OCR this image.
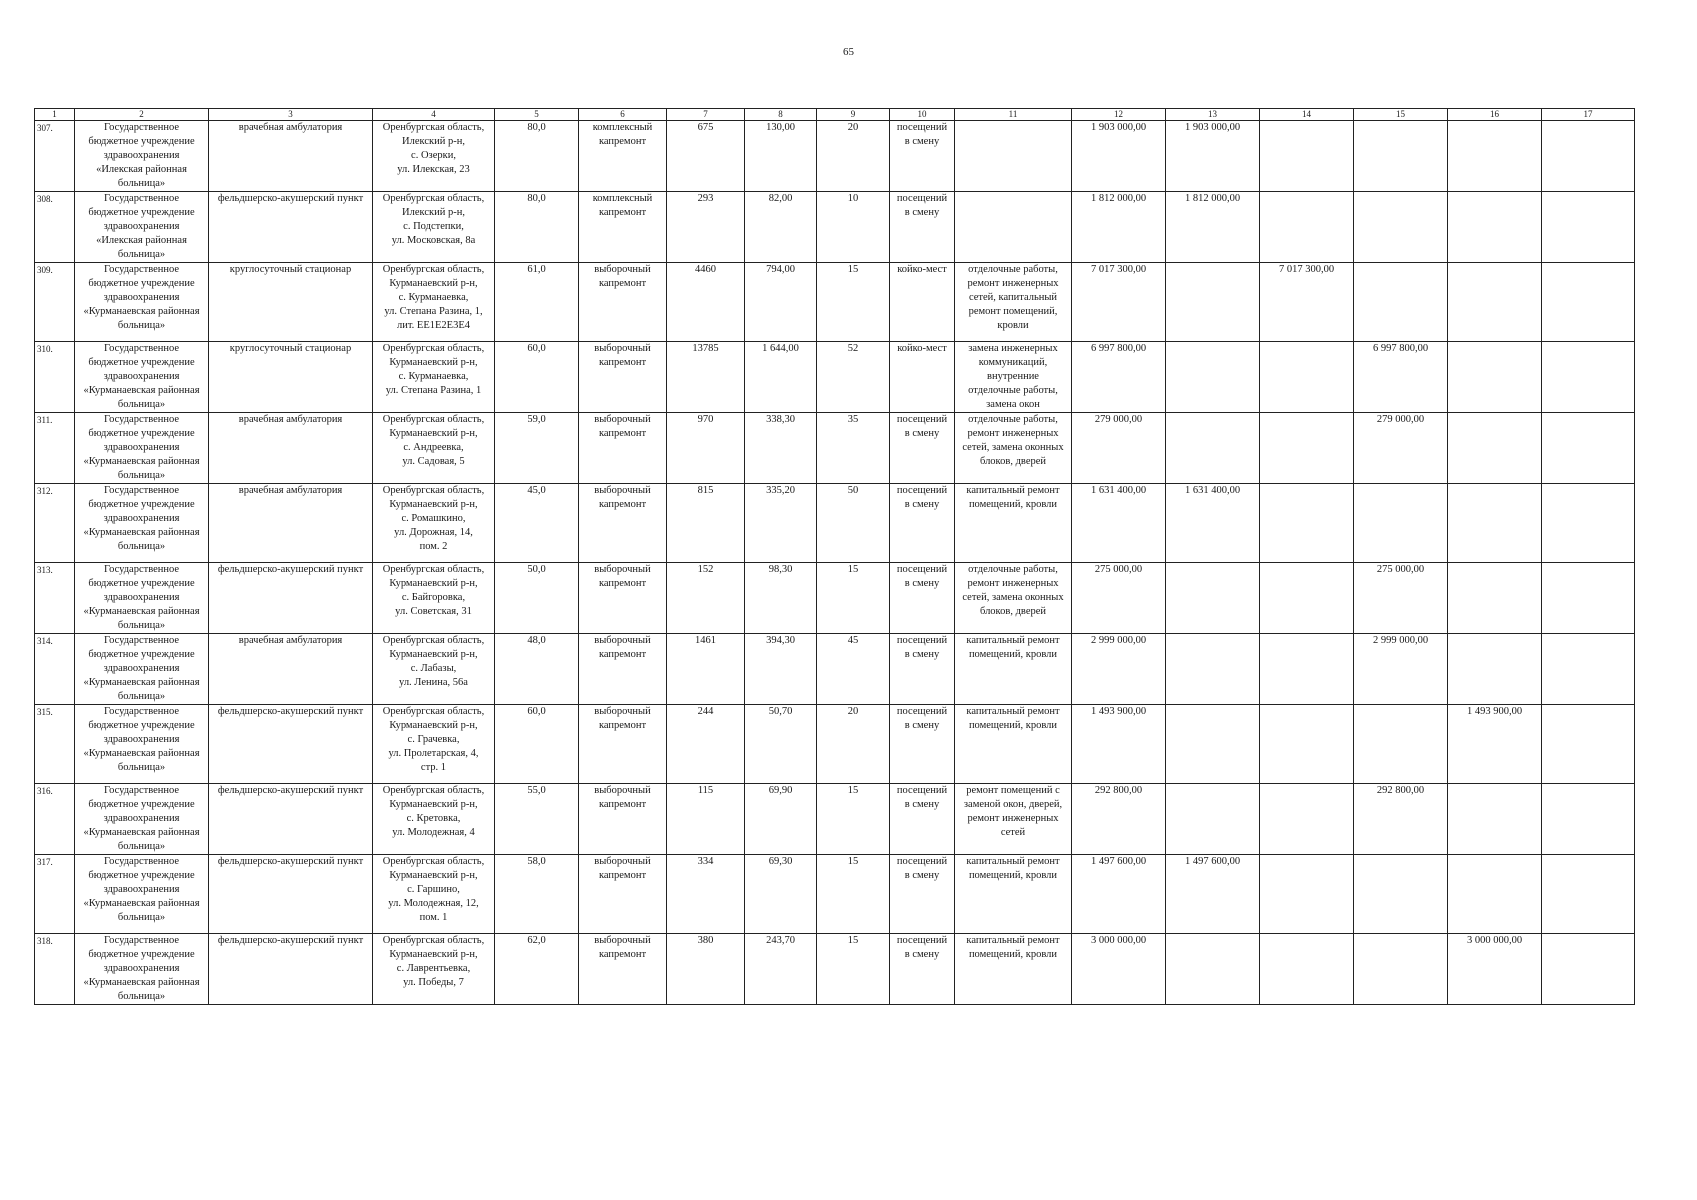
65
1	2	3	4	5	6	7	8	9	10	11	12	13	14	15	16	17
307.	Государственное
бюджетное учреждение
здравоохранения
«Илекская районная
больница»	врачебная амбулатория	Оренбургская область,
Илекский р-н,
с. Озерки,
ул. Илекская, 23	80,0	комплексный
капремонт	675	130,00	20	посещений
в смену		1 903 000,00	1 903 000,00				
308.	Государственное
бюджетное учреждение
здравоохранения
«Илекская районная
больница»	фельдшерско-акушерский пункт	Оренбургская область,
Илекский р-н,
с. Подстепки,
ул. Московская, 8а	80,0	комплексный
капремонт	293	82,00	10	посещений
в смену		1 812 000,00	1 812 000,00				
309.	Государственное
бюджетное учреждение
здравоохранения
«Курманаевская районная
больница»	круглосуточный стационар	Оренбургская область,
Курманаевский р-н,
с. Курманаевка,
ул. Степана Разина, 1,
лит. ЕЕ1Е2Е3Е4	61,0	выборочный
капремонт	4460	794,00	15	койко-мест	отделочные работы,
ремонт инженерных
сетей, капитальный
ремонт помещений,
кровли	7 017 300,00		7 017 300,00			
310.	Государственное
бюджетное учреждение
здравоохранения
«Курманаевская районная
больница»	круглосуточный стационар	Оренбургская область,
Курманаевский р-н,
с. Курманаевка,
ул. Степана Разина, 1	60,0	выборочный
капремонт	13785	1 644,00	52	койко-мест	замена инженерных
коммуникаций,
внутренние
отделочные работы,
замена окон	6 997 800,00			6 997 800,00		
311.	Государственное
бюджетное учреждение
здравоохранения
«Курманаевская районная
больница»	врачебная амбулатория	Оренбургская область,
Курманаевский р-н,
с. Андреевка,
ул. Садовая, 5	59,0	выборочный
капремонт	970	338,30	35	посещений
в смену	отделочные работы,
ремонт инженерных
сетей, замена оконных
блоков, дверей	279 000,00			279 000,00		
312.	Государственное
бюджетное учреждение
здравоохранения
«Курманаевская районная
больница»	врачебная амбулатория	Оренбургская область,
Курманаевский р-н,
с. Ромашкино,
ул. Дорожная, 14,
пом. 2	45,0	выборочный
капремонт	815	335,20	50	посещений
в смену	капитальный ремонт
помещений, кровли	1 631 400,00	1 631 400,00				
313.	Государственное
бюджетное учреждение
здравоохранения
«Курманаевская районная
больница»	фельдшерско-акушерский пункт	Оренбургская область,
Курманаевский р-н,
с. Байгоровка,
ул. Советская, 31	50,0	выборочный
капремонт	152	98,30	15	посещений
в смену	отделочные работы,
ремонт инженерных
сетей, замена оконных
блоков, дверей	275 000,00			275 000,00		
314.	Государственное
бюджетное учреждение
здравоохранения
«Курманаевская районная
больница»	врачебная амбулатория	Оренбургская область,
Курманаевский р-н,
с. Лабазы,
ул. Ленина, 56а	48,0	выборочный
капремонт	1461	394,30	45	посещений
в смену	капитальный ремонт
помещений, кровли	2 999 000,00			2 999 000,00		
315.	Государственное
бюджетное учреждение
здравоохранения
«Курманаевская районная
больница»	фельдшерско-акушерский пункт	Оренбургская область,
Курманаевский р-н,
с. Грачевка,
ул. Пролетарская, 4,
стр. 1	60,0	выборочный
капремонт	244	50,70	20	посещений
в смену	капитальный ремонт
помещений, кровли	1 493 900,00				1 493 900,00	
316.	Государственное
бюджетное учреждение
здравоохранения
«Курманаевская районная
больница»	фельдшерско-акушерский пункт	Оренбургская область,
Курманаевский р-н,
с. Кретовка,
ул. Молодежная, 4	55,0	выборочный
капремонт	115	69,90	15	посещений
в смену	ремонт помещений с
заменой окон, дверей,
ремонт инженерных
сетей	292 800,00			292 800,00		
317.	Государственное
бюджетное учреждение
здравоохранения
«Курманаевская районная
больница»	фельдшерско-акушерский пункт	Оренбургская область,
Курманаевский р-н,
с. Гаршино,
ул. Молодежная, 12,
пом. 1	58,0	выборочный
капремонт	334	69,30	15	посещений
в смену	капитальный ремонт
помещений, кровли	1 497 600,00	1 497 600,00				
318.	Государственное
бюджетное учреждение
здравоохранения
«Курманаевская районная
больница»	фельдшерско-акушерский пункт	Оренбургская область,
Курманаевский р-н,
с. Лаврентьевка,
ул. Победы, 7	62,0	выборочный
капремонт	380	243,70	15	посещений
в смену	капитальный ремонт
помещений, кровли	3 000 000,00				3 000 000,00	
